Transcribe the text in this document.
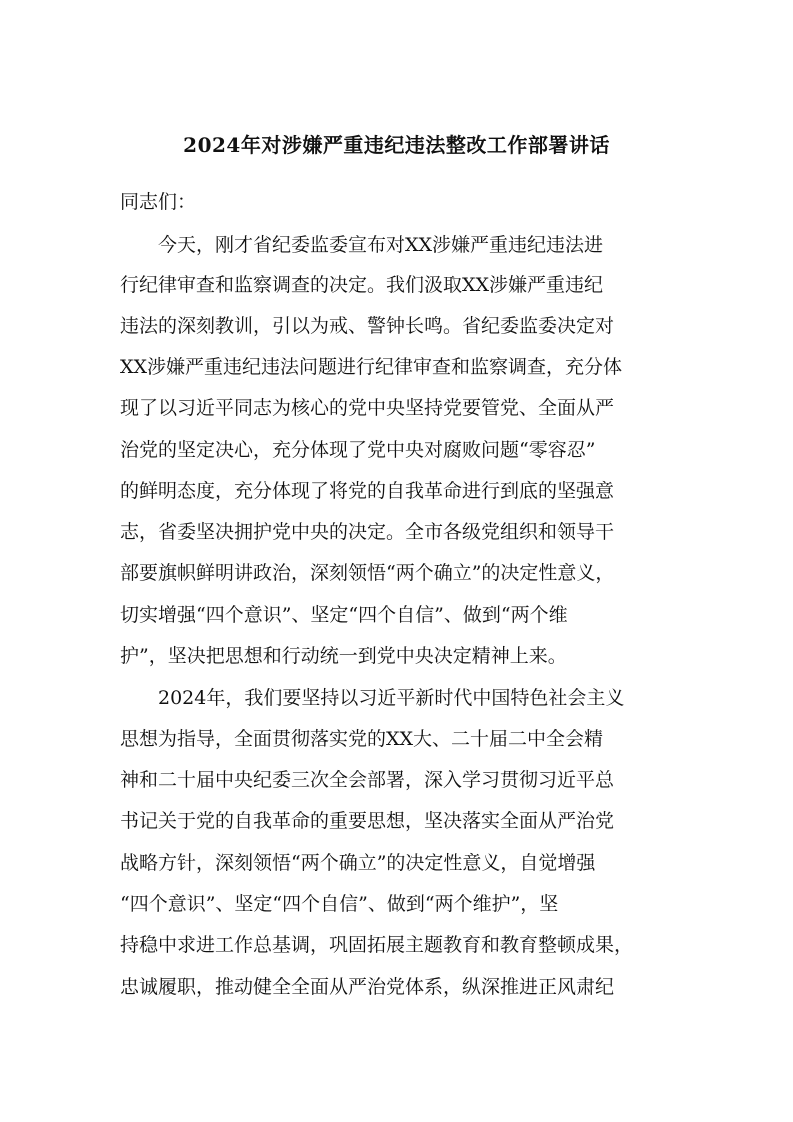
2024年对涉嫌严重违纪违法整改工作部署讲话
同志们：
今天，刚才省纪委监委宣布对XX涉嫌严重违纪违法进
行纪律审查和监察调查的决定。我们汲取XX涉嫌严重违纪
违法的深刻教训，引以为戒、警钟长鸣。省纪委监委决定对
XX涉嫌严重违纪违法问题进行纪律审查和监察调查，充分体
现了以习近平同志为核心的党中央坚持党要管党、全面从严
治党的坚定决心，充分体现了党中央对腐败问题“零容忍”
的鲜明态度，充分体现了将党的自我革命进行到底的坚强意
志，省委坚决拥护党中央的决定。全市各级党组织和领导干
部要旗帜鲜明讲政治，深刻领悟“两个确立”的决定性意义，
切实增强“四个意识”、坚定“四个自信”、做到“两个维
护”，坚决把思想和行动统一到党中央决定精神上来。
2024年，我们要坚持以习近平新时代中国特色社会主义
思想为指导，全面贯彻落实党的XX大、二十届二中全会精
神和二十届中央纪委三次全会部署，深入学习贯彻习近平总
书记关于党的自我革命的重要思想，坚决落实全面从严治党
战略方针，深刻领悟“两个确立”的决定性意义，自觉增强
“四个意识”、坚定“四个自信”、做到“两个维护”，坚
持稳中求进工作总基调，巩固拓展主题教育和教育整顿成果，
忠诚履职，推动健全全面从严治党体系，纵深推进正风肃纪
